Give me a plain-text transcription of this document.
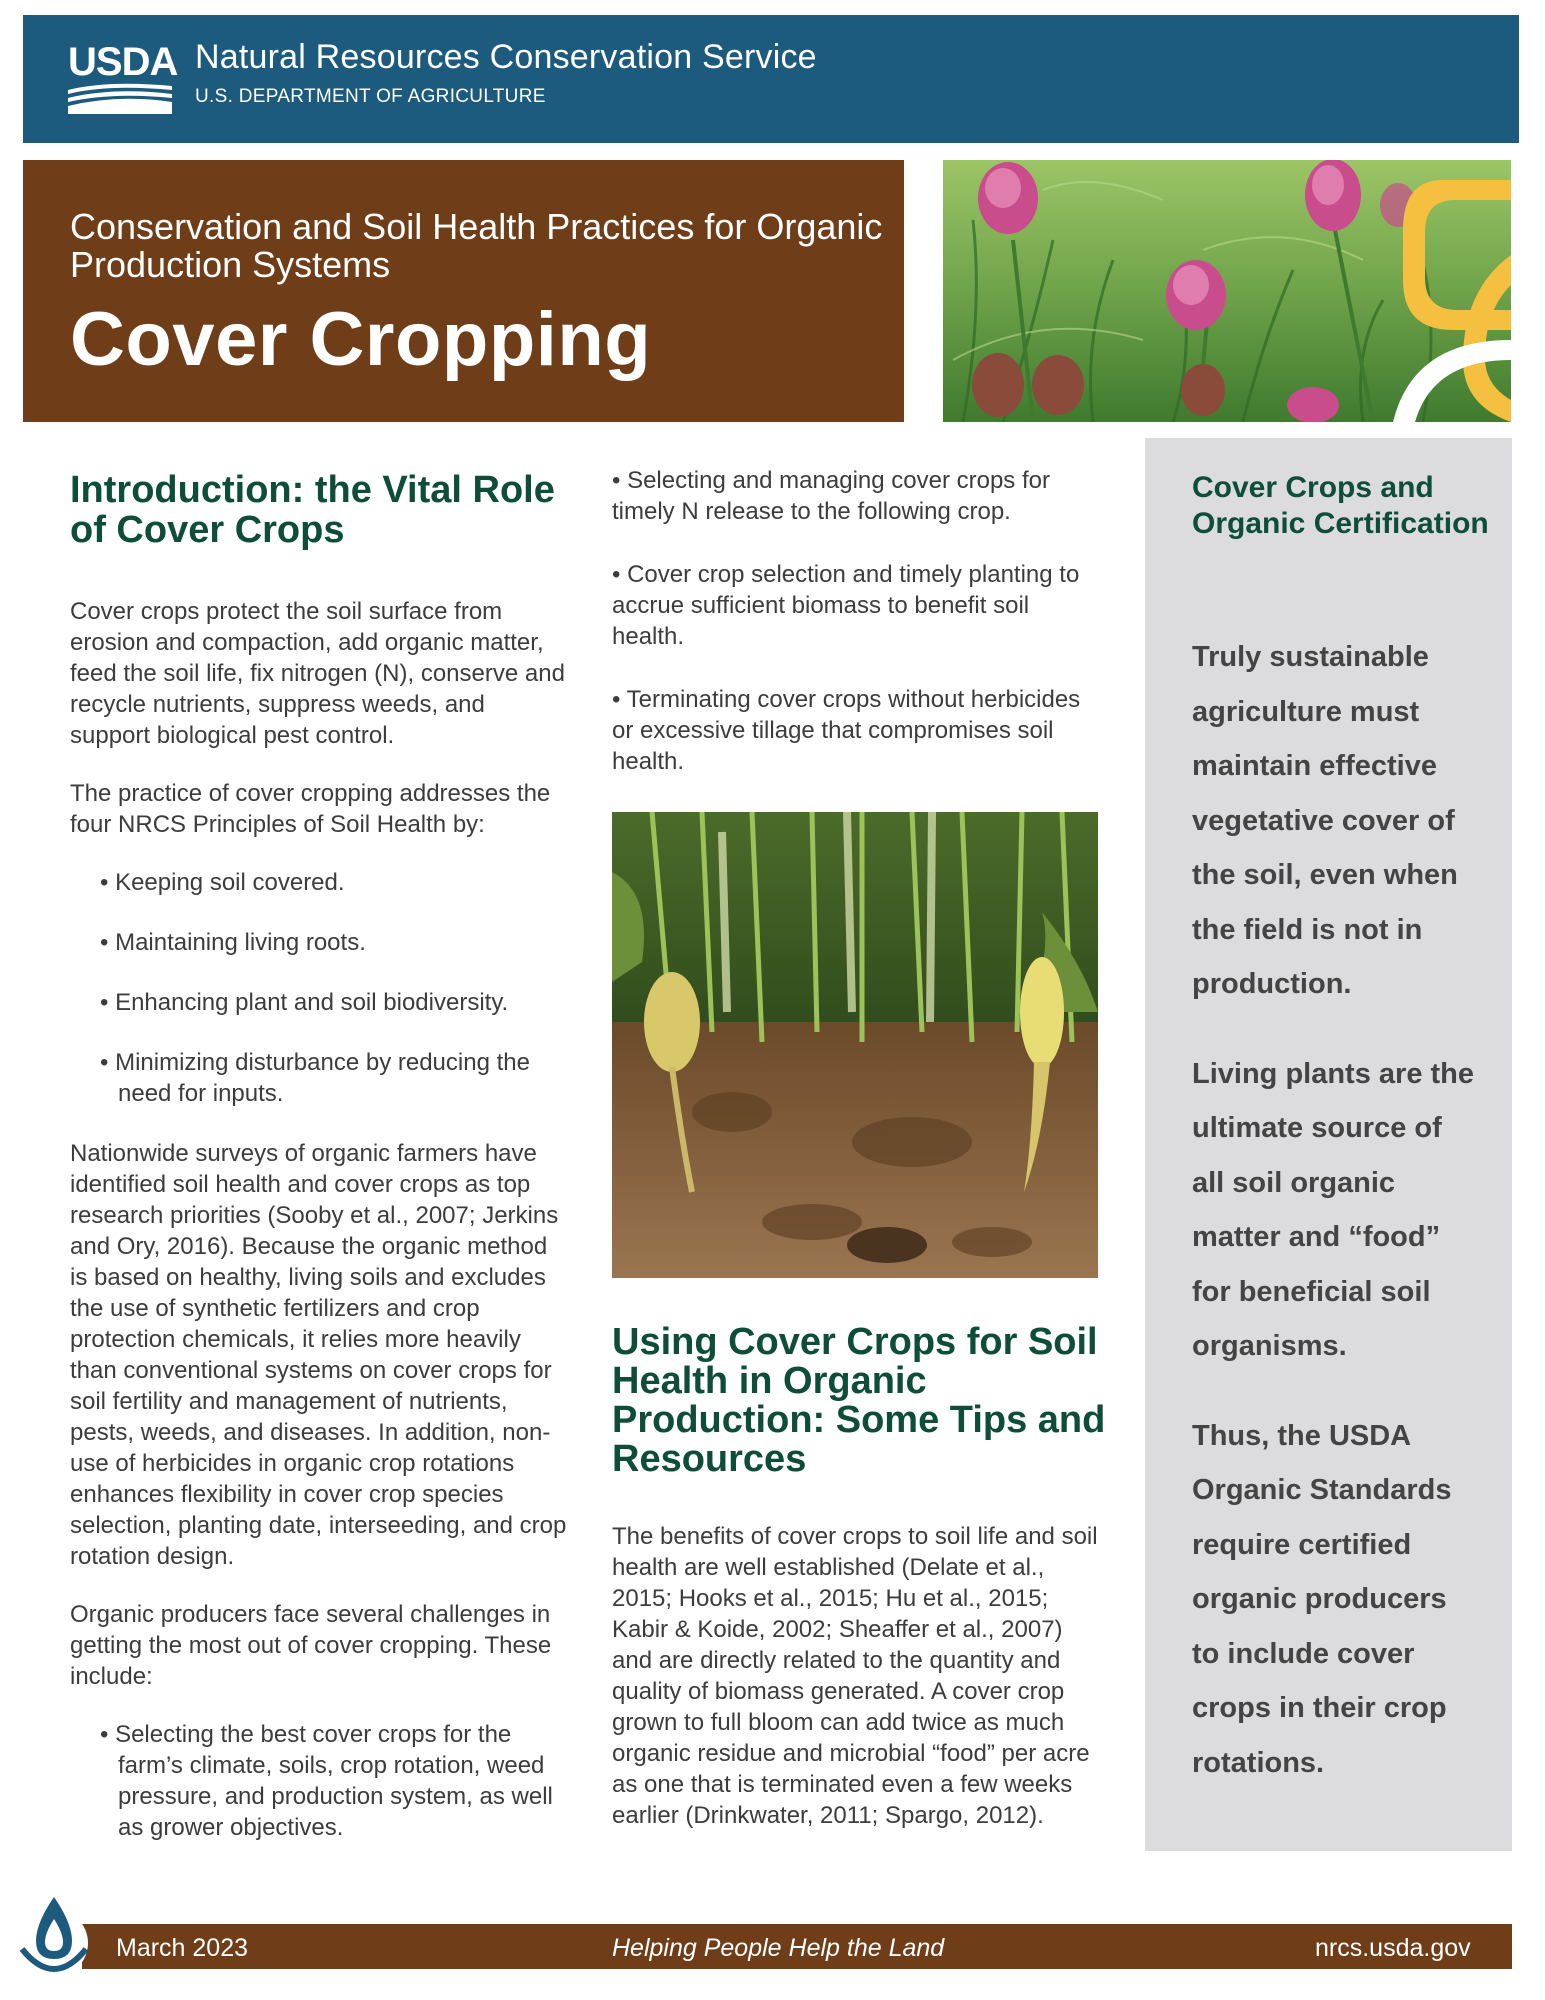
USDA Natural Resources Conservation Service
U.S. DEPARTMENT OF AGRICULTURE
Conservation and Soil Health Practices for Organic Production Systems
Cover Cropping
Introduction: the Vital Role of Cover Crops

Cover crops protect the soil surface from erosion and compaction, add organic matter, feed the soil life, fix nitrogen (N), conserve and recycle nutrients, suppress weeds, and support biological pest control.

The practice of cover cropping addresses the four NRCS Principles of Soil Health by:

• Keeping soil covered.

• Maintaining living roots.

• Enhancing plant and soil biodiversity.

• Minimizing disturbance by reducing the need for inputs.

Nationwide surveys of organic farmers have identified soil health and cover crops as top research priorities (Sooby et al., 2007; Jerkins and Ory, 2016). Because the organic method is based on healthy, living soils and excludes the use of synthetic fertilizers and crop protection chemicals, it relies more heavily than conventional systems on cover crops for soil fertility and management of nutrients, pests, weeds, and diseases. In addition, non-use of herbicides in organic crop rotations enhances flexibility in cover crop species selection, planting date, interseeding, and crop rotation design.

Organic producers face several challenges in getting the most out of cover cropping. These include:

• Selecting the best cover crops for the farm’s climate, soils, crop rotation, weed pressure, and production system, as well as grower objectives.

• Selecting and managing cover crops for timely N release to the following crop.

• Cover crop selection and timely planting to accrue sufficient biomass to benefit soil health.

• Terminating cover crops without herbicides or excessive tillage that compromises soil health.

Using Cover Crops for Soil Health in Organic Production: Some Tips and Resources

The benefits of cover crops to soil life and soil health are well established (Delate et al., 2015; Hooks et al., 2015; Hu et al., 2015; Kabir & Koide, 2002; Sheaffer et al., 2007) and are directly related to the quantity and quality of biomass generated. A cover crop grown to full bloom can add twice as much organic residue and microbial “food” per acre as one that is terminated even a few weeks earlier (Drinkwater, 2011; Spargo, 2012).

Cover Crops and Organic Certification

Truly sustainable agriculture must maintain effective vegetative cover of the soil, even when the field is not in production.

Living plants are the ultimate source of all soil organic matter and “food” for beneficial soil organisms.

Thus, the USDA Organic Standards require certified organic producers to include cover crops in their crop rotations.

March 2023	Helping People Help the Land	nrcs.usda.gov
